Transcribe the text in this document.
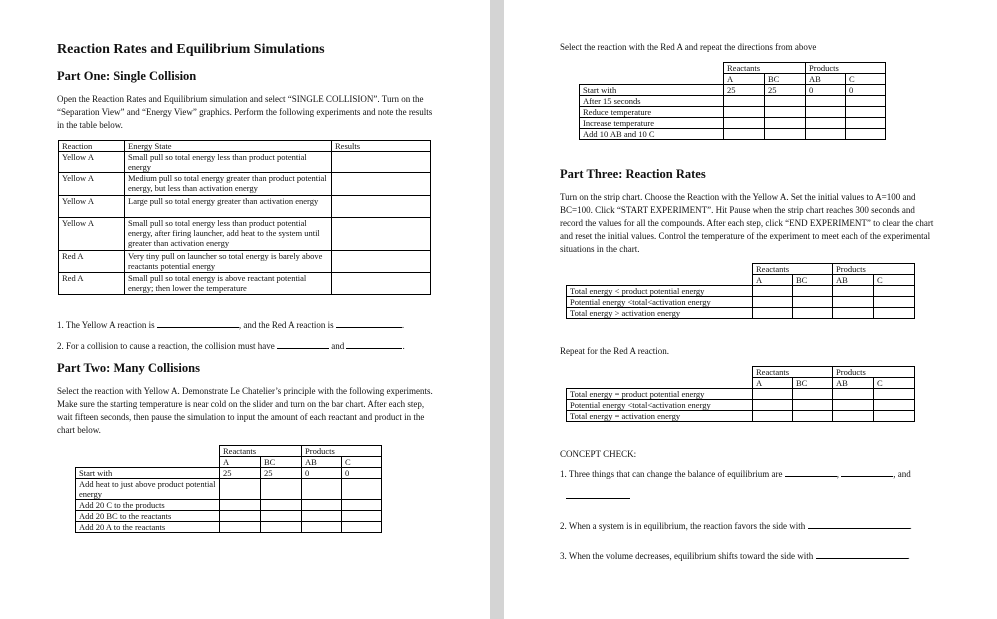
Reaction Rates and Equilibrium Simulations
Part One: Single Collision

Open the Reaction Rates and Equilibrium simulation and select “SINGLE COLLISION”. Turn on the “Separation View” and “Energy View” graphics. Perform the following experiments and note the results in the table below.

Reaction	Energy State	Results
Yellow A	Small pull so total energy less than product potential energy	
Yellow A	Medium pull so total energy greater than product potential energy, but less than activation energy	
Yellow A	Large pull so total energy greater than activation energy	
Yellow A	Small pull so total energy less than product potential energy, after firing launcher, add heat to the system until greater than activation energy	
Red A	Very tiny pull on launcher so total energy is barely above reactants potential energy	
Red A	Small pull so total energy is above reactant potential energy; then lower the temperature	
1. The Yellow A reaction is	, and the Red A reaction is	.
2. For a collision to cause a reaction, the collision must have	and	.
Part Two: Many Collisions

Select the reaction with Yellow A. Demonstrate Le Chatelier’s principle with the following experiments. Make sure the starting temperature is near cold on the slider and turn on the bar chart. After each step, wait fifteen seconds, then pause the simulation to input the amount of each reactant and product in the chart below.

	Reactants		Products	
	A	BC	AB	C
Start with	25	25	0	0
Add heat to just above product potential energy				
Add 20 C to the products				
Add 20 BC to the reactants				
Add 20 A to the reactants				
Select the reaction with the Red A and repeat the directions from above
	Reactants		Products	
	A	BC	AB	C
Start with	25	25	0	0
After 15 seconds				
Reduce temperature				
Increase temperature				
Add 10 AB and 10 C				
Part Three: Reaction Rates

Turn on the strip chart. Choose the Reaction with the Yellow A. Set the initial values to A=100 and BC=100. Click “START EXPERIMENT”. Hit Pause when the strip chart reaches 300 seconds and record the values for all the compounds. After each step, click “END EXPERIMENT” to clear the chart and reset the initial values. Control the temperature of the experiment to meet each of the experimental situations in the chart.

	Reactants		Products	
	A	BC	AB	C
Total energy < product potential energy				
Potential energy <total<activation energy				
Total energy > activation energy				
Repeat for the Red A reaction.
	Reactants		Products	
	A	BC	AB	C
Total energy = product potential energy				
Potential energy <total<activation energy				
Total energy = activation energy				
CONCEPT CHECK:
1. Three things that can change the balance of equilibrium are	,	, and
2. When a system is in equilibrium, the reaction favors the side with	.
3. When the volume decreases, equilibrium shifts toward the side with	.
